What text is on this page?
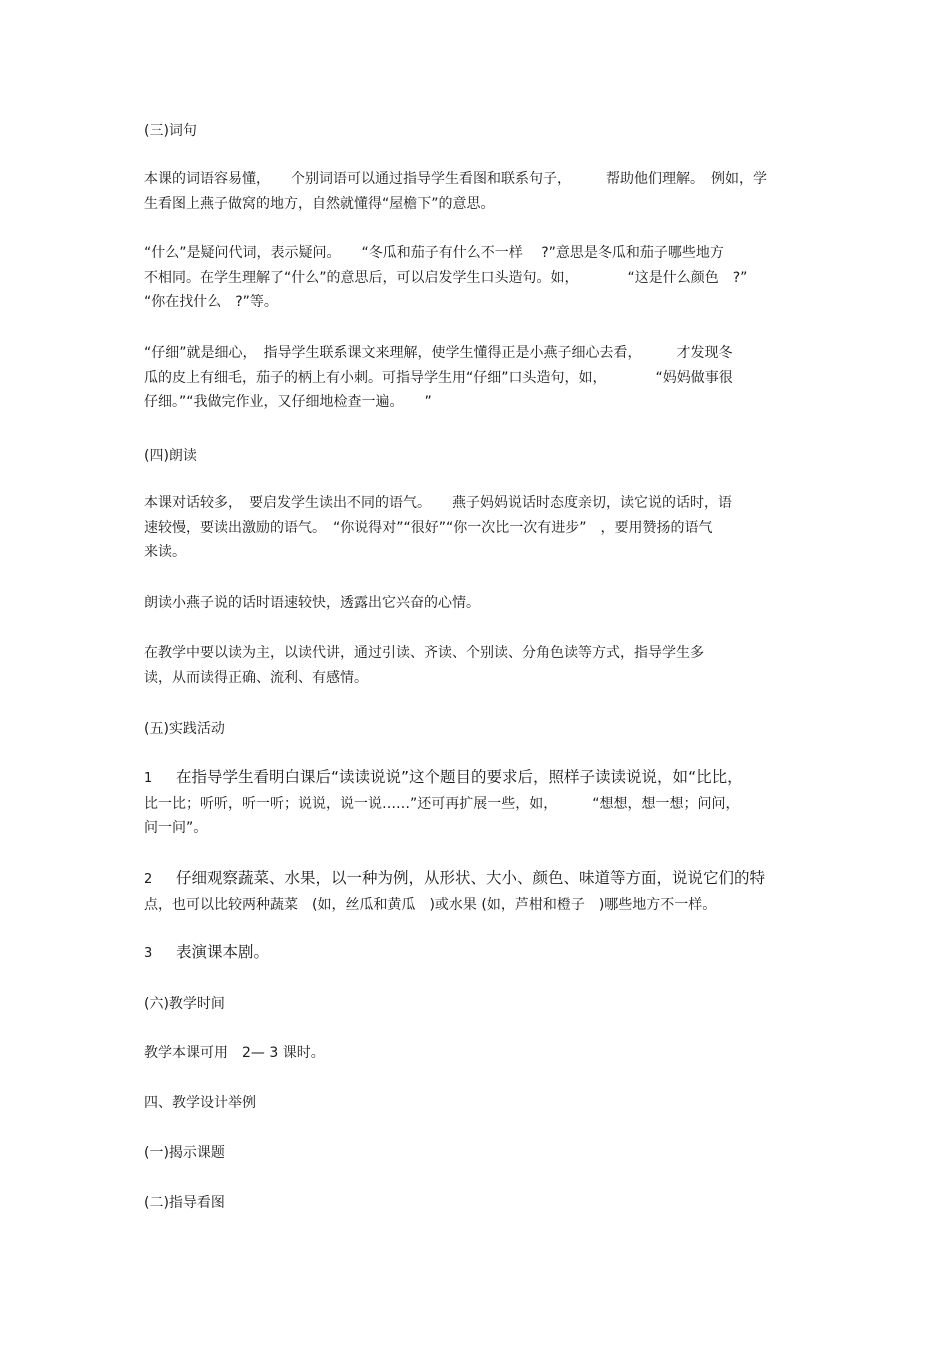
(三)词句

本课的词语容易懂，　　个别词语可以通过指导学生看图和联系句子，　　　帮助他们理解。　例如，学
生看图上燕子做窝的地方，自然就懂得“屋檐下”的意思。

“什么”是疑问代词，表示疑问。　　“冬瓜和茄子有什么不一样　 ?”意思是冬瓜和茄子哪些地方
不相同。在学生理解了“什么”的意思后，可以启发学生口头造句。如，　　　　“这是什么颜色　?”
“你在找什么　?”等。

“仔细”就是细心，　指导学生联系课文来理解，使学生懂得正是小燕子细心去看，　　　才发现冬
瓜的皮上有细毛，茄子的柄上有小刺。可指导学生用“仔细”口头造句，如，　　　　“妈妈做事很
仔细。”“我做完作业，又仔细地检查一遍。　　”

(四)朗读

本课对话较多，　要启发学生读出不同的语气。　　燕子妈妈说话时态度亲切，读它说的话时，语
速较慢，要读出激励的语气。　“你说得对”“很好”“你一次比一次有进步”　，要用赞扬的语气
来读。

朗读小燕子说的话时语速较快，透露出它兴奋的心情。

在教学中要以读为主，以读代讲，通过引读、齐读、个别读、分角色读等方式，指导学生多
读，从而读得正确、流利、有感情。

(五)实践活动

1 在指导学生看明白课后“读读说说”这个题目的要求后，照样子读读说说，如“比比，
比一比；听听，听一听；说说，说一说……”还可再扩展一些，如，　　　“想想，想一想；问问，
问一问”。

2 仔细观察蔬菜、水果，以一种为例，从形状、大小、颜色、味道等方面，说说它们的特
点，也可以比较两种蔬菜　(如，丝瓜和黄瓜　)或水果 (如，芦柑和橙子　)哪些地方不一样。

3 表演课本剧。

(六)教学时间

教学本课可用　2— 3 课时。

四、教学设计举例

(一)揭示课题

(二)指导看图
